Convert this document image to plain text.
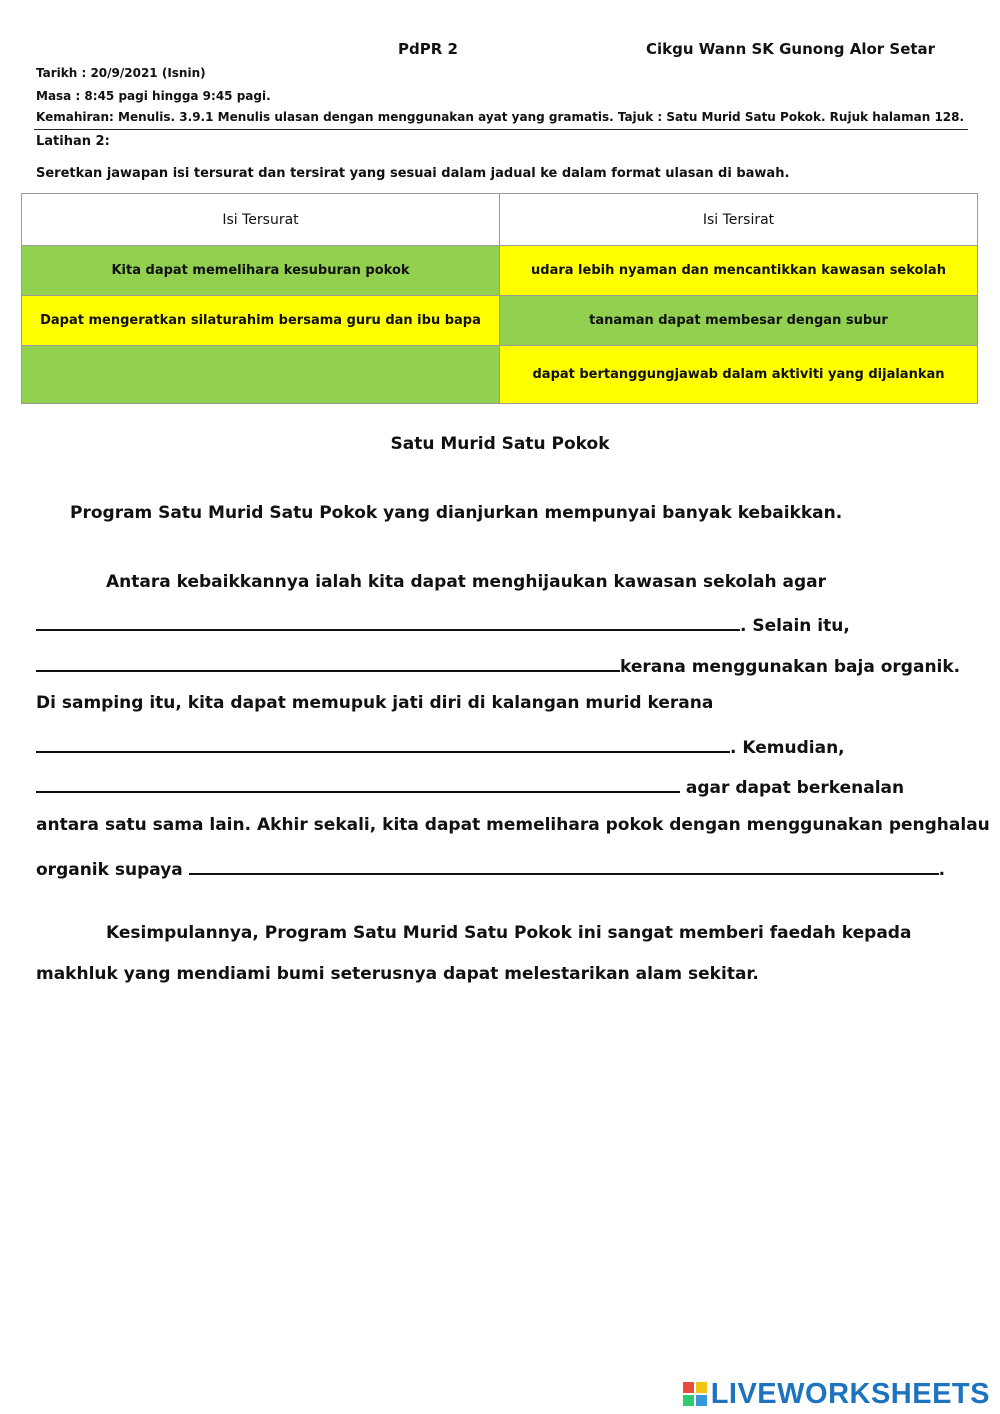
PdPR 2	Cikgu Wann SK Gunong Alor Setar
Tarikh : 20/9/2021 (Isnin)
Masa : 8:45 pagi hingga 9:45 pagi.
Kemahiran: Menulis. 3.9.1 Menulis ulasan dengan menggunakan ayat yang gramatis. Tajuk : Satu Murid Satu Pokok. Rujuk halaman 128.
Latihan 2:
Seretkan jawapan isi tersurat dan tersirat yang sesuai dalam jadual ke dalam format ulasan di bawah.
Isi Tersurat	Isi Tersirat
Kita dapat memelihara kesuburan pokok	udara lebih nyaman dan mencantikkan kawasan sekolah
Dapat mengeratkan silaturahim bersama guru dan ibu bapa	tanaman dapat membesar dengan subur
	dapat bertanggungjawab dalam aktiviti yang dijalankan
Satu Murid Satu Pokok
Program Satu Murid Satu Pokok yang dianjurkan mempunyai banyak kebaikkan.
Antara kebaikkannya ialah kita dapat menghijaukan kawasan sekolah agar
. Selain itu,
kerana menggunakan baja organik.
Di samping itu, kita dapat memupuk jati diri di kalangan murid kerana
. Kemudian,
agar dapat berkenalan
antara satu sama lain. Akhir sekali, kita dapat memelihara pokok dengan menggunakan penghalau
organik supaya	.
Kesimpulannya, Program Satu Murid Satu Pokok ini sangat memberi faedah kepada
makhluk yang mendiami bumi seterusnya dapat melestarikan alam sekitar.
LIVEWORKSHEETS
